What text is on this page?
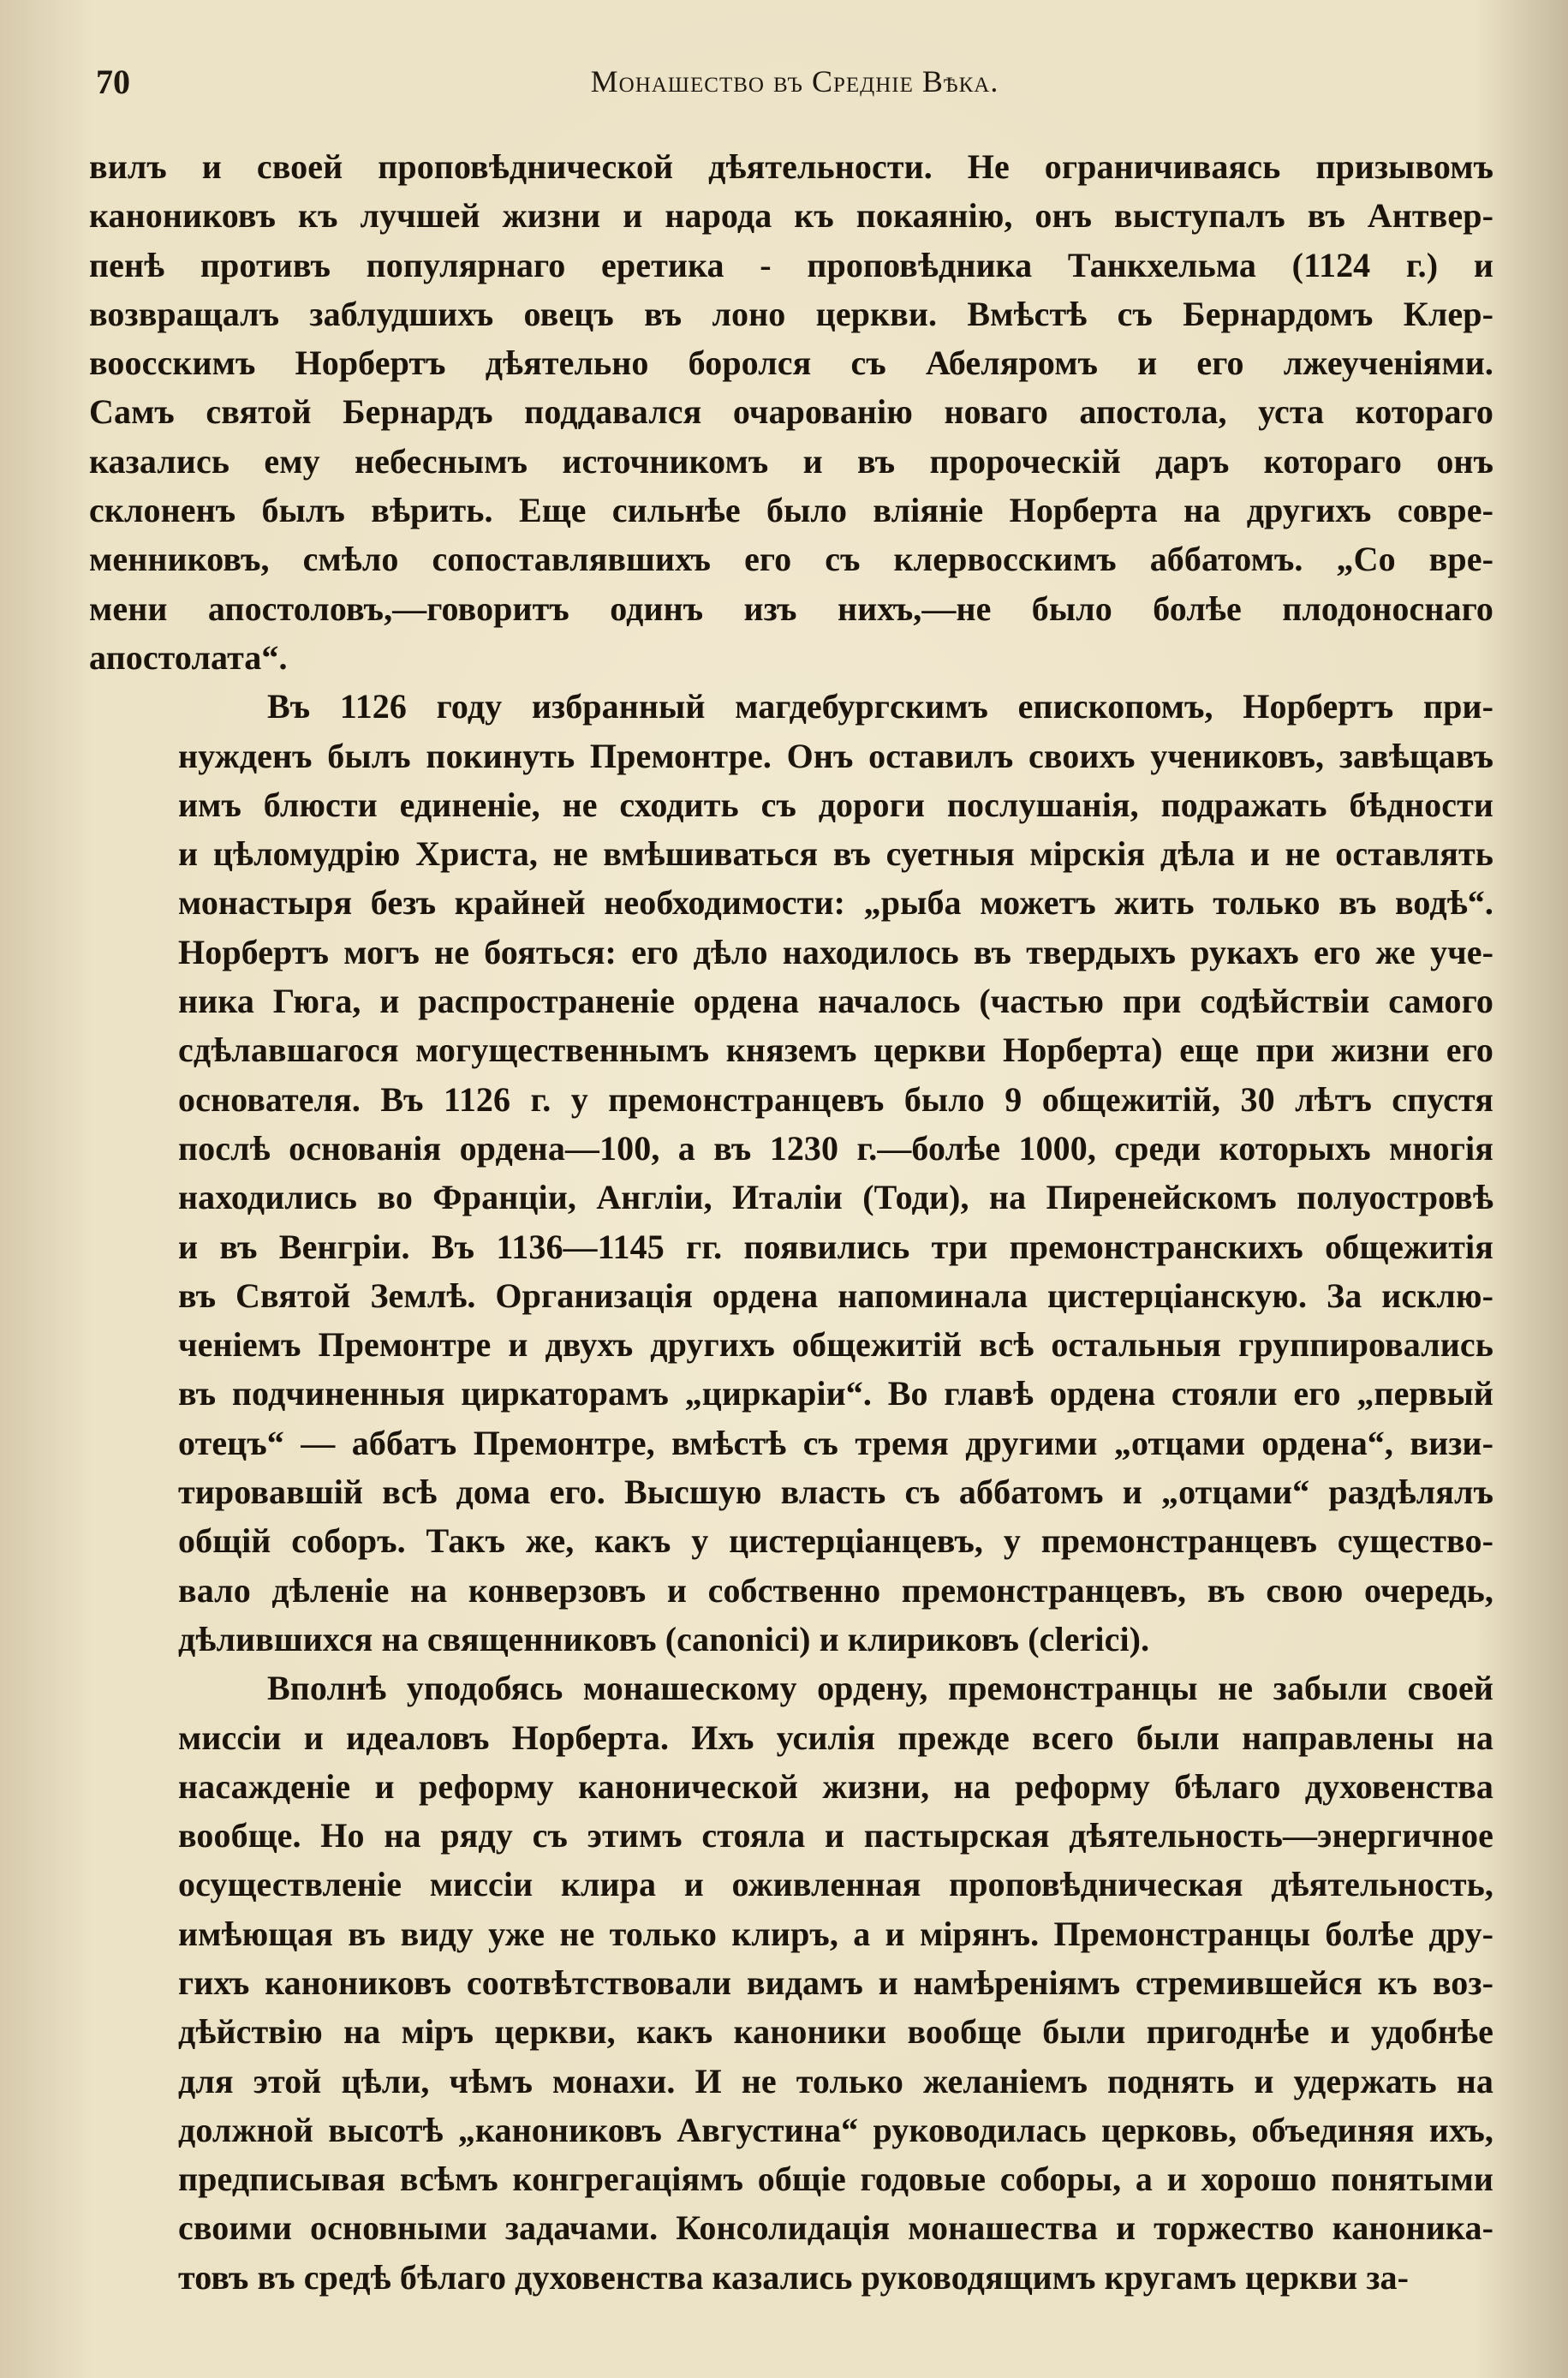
70	Монашество въ Средніе Вѣка.
вилъ и своей проповѣднической дѣятельности. Не ограничиваясь призывомъ
канониковъ къ лучшей жизни и народа къ покаянію, онъ выступалъ въ Антвер-
пенѣ противъ популярнаго еретика - проповѣдника Танкхельма (1124 г.) и
возвращалъ заблудшихъ овецъ въ лоно церкви. Вмѣстѣ съ Бернардомъ Клер-
воосскимъ Норбертъ дѣятельно боролся съ Абеляромъ и его лжеученіями.
Самъ святой Бернардъ поддавался очарованію новаго апостола, уста котораго
казались ему небеснымъ источникомъ и въ пророческій даръ котораго онъ
склоненъ былъ вѣрить. Еще сильнѣе было вліяніе Норберта на другихъ совре-
менниковъ, смѣло сопоставлявшихъ его съ клервосскимъ аббатомъ. „Со вре-
мени апостоловъ,—говоритъ одинъ изъ нихъ,—не было болѣе плодоноснаго
апостолата“.
Въ 1126 году избранный магдебургскимъ епископомъ, Норбертъ при-
нужденъ былъ покинуть Премонтре. Онъ оставилъ своихъ учениковъ, завѣщавъ
имъ блюсти единеніе, не сходить съ дороги послушанія, подражать бѣдности
и цѣломудрію Христа, не вмѣшиваться въ суетныя мірскія дѣла и не оставлять
монастыря безъ крайней необходимости: „рыба можетъ жить только въ водѣ“.
Норбертъ могъ не бояться: его дѣло находилось въ твердыхъ рукахъ его же уче-
ника Гюга, и распространеніе ордена началось (частью при содѣйствіи самого
сдѣлавшагося могущественнымъ княземъ церкви Норберта) еще при жизни его
основателя. Въ 1126 г. у премонстранцевъ было 9 общежитій, 30 лѣтъ спустя
послѣ основанія ордена—100, а въ 1230 г.—болѣе 1000, среди которыхъ многія
находились во Франціи, Англіи, Италіи (Тоди), на Пиренейскомъ полуостровѣ
и въ Венгріи. Въ 1136—1145 гг. появились три премонстранскихъ общежитія
въ Святой Землѣ. Организація ордена напоминала цистерціанскую. За исклю-
ченіемъ Премонтре и двухъ другихъ общежитій всѣ остальныя группировались
въ подчиненныя циркаторамъ „циркаріи“. Во главѣ ордена стояли его „первый
отецъ“ — аббатъ Премонтре, вмѣстѣ съ тремя другими „отцами ордена“, визи-
тировавшій всѣ дома его. Высшую власть съ аббатомъ и „отцами“ раздѣлялъ
общій соборъ. Такъ же, какъ у цистерціанцевъ, у премонстранцевъ существо-
вало дѣленіе на конверзовъ и собственно премонстранцевъ, въ свою очередь,
дѣлившихся на священниковъ (canonici) и клириковъ (clerici).
Вполнѣ уподобясь монашескому ордену, премонстранцы не забыли своей
миссіи и идеаловъ Норберта. Ихъ усилія прежде всего были направлены на
насажденіе и реформу канонической жизни, на реформу бѣлаго духовенства
вообще. Но на ряду съ этимъ стояла и пастырская дѣятельность—энергичное
осуществленіе миссіи клира и оживленная проповѣдническая дѣятельность,
имѣющая въ виду уже не только клиръ, а и мірянъ. Премонстранцы болѣе дру-
гихъ канониковъ соотвѣтствовали видамъ и намѣреніямъ стремившейся къ воз-
дѣйствію на міръ церкви, какъ каноники вообще были пригоднѣе и удобнѣе
для этой цѣли, чѣмъ монахи. И не только желаніемъ поднять и удержать на
должной высотѣ „канониковъ Августина“ руководилась церковь, объединяя ихъ,
предписывая всѣмъ конгрегаціямъ общіе годовые соборы, а и хорошо понятыми
своими основными задачами. Консолидація монашества и торжество каноника-
товъ въ средѣ бѣлаго духовенства казались руководящимъ кругамъ церкви за-
